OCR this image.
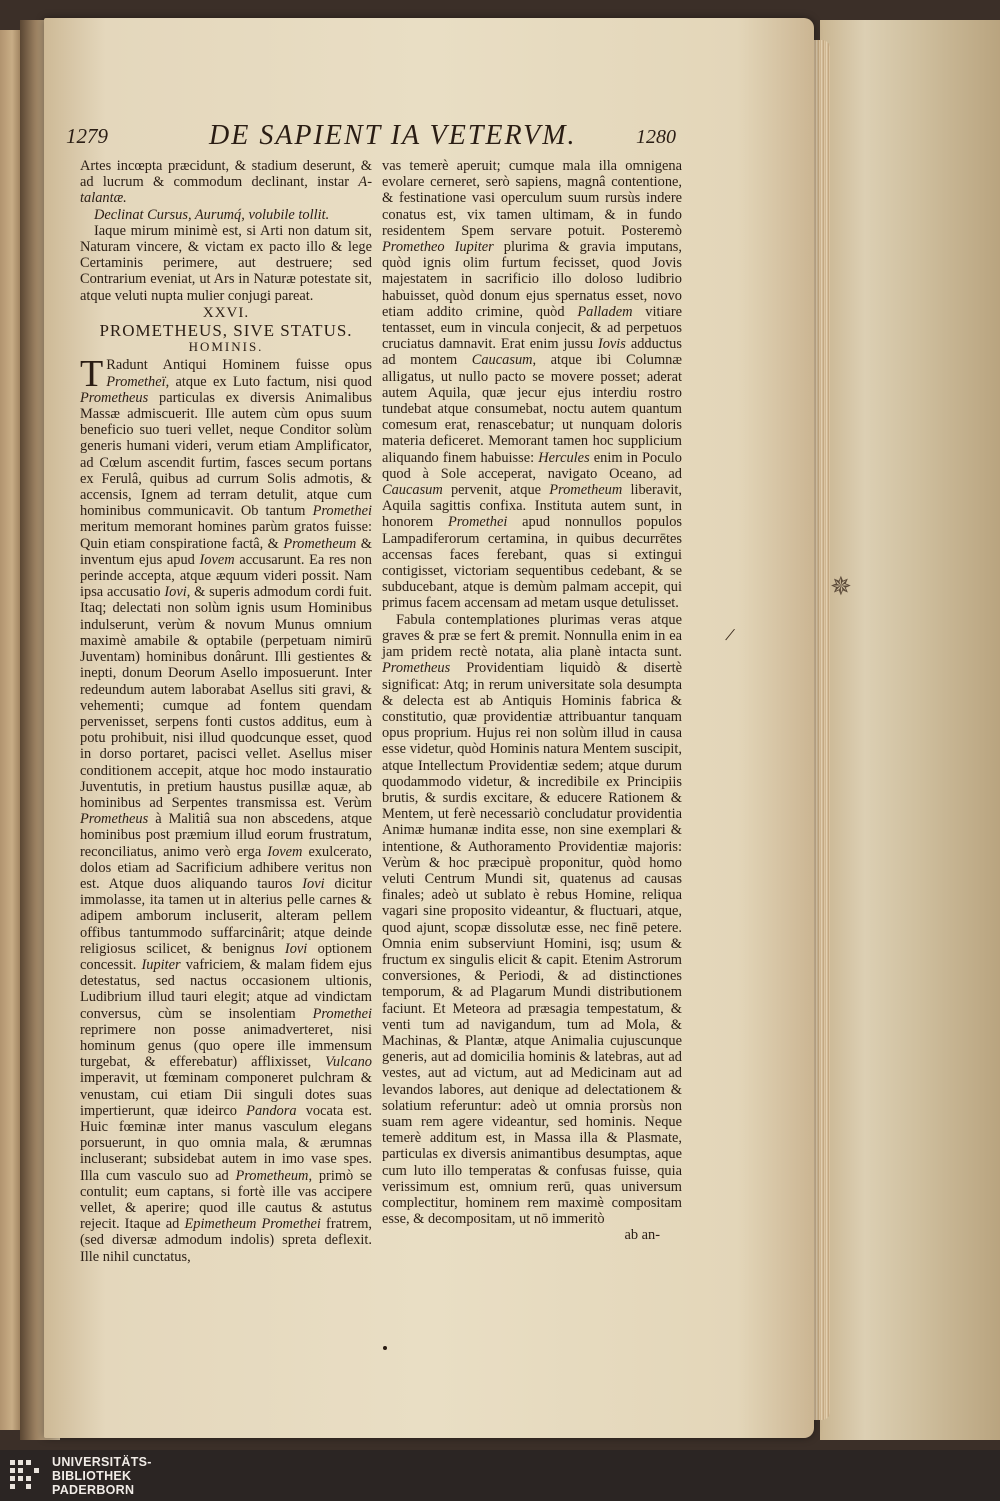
✵
1279	DE SAPIENT IA VETERVM.	1280

Artes incœpta præcidunt, & stadium deserunt, & ad lucrum & commodum declinant, instar A- talantæ.

Declinat Cursus, Aurumq́, volubile tollit.

Iaque mirum minimè est, si Arti non datum sit, Naturam vincere, & victam ex pacto illo & lege Certaminis perimere, aut destruere; sed Contrarium eveniat, ut Ars in Naturæ potestate sit, atque veluti nupta mulier conjugi pareat.

XXVI.
PROMETHEUS, SIVE STATUS.
HOMINIS.

T Radunt Antiqui Hominem fuisse opus Prometheï, atque ex Luto factum, nisi quod Prometheus particulas ex diversis Animalibus Massæ admiscuerit. Ille autem cùm opus suum beneficio suo tueri vellet, neque Conditor solùm generis humani videri, verum etiam Amplificator, ad Cœlum ascendit furtim, fasces secum portans ex Ferulâ, quibus ad currum Solis admotis, & accensis, Ignem ad terram detulit, atque cum hominibus communicavit. Ob tantum Promethei meritum memorant homines parùm gratos fuisse: Quin etiam conspiratione factâ, & Prometheum & inventum ejus apud Iovem accusarunt. Ea res non perinde accepta, atque æquum videri possit. Nam ipsa accusatio Iovi, & superis admodum cordi fuit. Itaq; delectati non solùm ignis usum Hominibus indulserunt, verùm & novum Munus omnium maximè amabile & optabile (perpetuam nimirū Juventam) hominibus donârunt. Illi gestientes & inepti, donum Deorum Asello imposuerunt. Inter redeundum autem laborabat Asellus siti gravi, & vehementi; cumque ad fontem quendam pervenisset, serpens fonti custos additus, eum à potu prohibuit, nisi illud quodcunque esset, quod in dorso portaret, pacisci vellet. Asellus miser conditionem accepit, atque hoc modo instauratio Juventutis, in pretium haustus pusillæ aquæ, ab hominibus ad Serpentes transmissa est. Verùm Prometheus à Malitiâ sua non abscedens, atque hominibus post præmium illud eorum frustratum, reconciliatus, animo verò erga Iovem exulcerato, dolos etiam ad Sacrificium adhibere veritus non est. Atque duos aliquando tauros Iovi dicitur immolasse, ita tamen ut in alterius pelle carnes & adipem amborum incluserit, alteram pellem offibus tantummodo suffarcinârit; atque deinde religiosus scilicet, & benignus Iovi optionem concessit. Iupiter vafriciem, & malam fidem ejus detestatus, sed nactus occasionem ultionis, Ludibrium illud tauri elegit; atque ad vindictam conversus, cùm se insolentiam Promethei reprimere non posse animadverteret, nisi hominum genus (quo opere ille immensum turgebat, & efferebatur) afflixisset, Vulcano imperavit, ut fœminam componeret pulchram & venustam, cui etiam Dii singuli dotes suas impertierunt, quæ ideirco Pandora vocata est. Huic fœminæ inter manus vasculum elegans porsuerunt, in quo omnia mala, & ærumnas incluserant; subsidebat autem in imo vase spes. Illa cum vasculo suo ad Prometheum, primò se contulit; eum captans, si fortè ille vas accipere vellet, & aperire; quod ille cautus & astutus rejecit. Itaque ad Epimetheum Promethei fratrem, (sed diversæ admodum indolis) spreta deflexit. Ille nihil cunctatus,

vas temerè aperuit; cumque mala illa omnigena evolare cerneret, serò sapiens, magnâ contentione, & festinatione vasi operculum suum rursùs indere conatus est, vix tamen ultimam, & in fundo residentem Spem servare potuit. Posteremò Prometheo Iupiter plurima & gravia imputans, quòd ignis olim furtum fecisset, quod Jovis majestatem in sacrificio illo doloso ludibrio habuisset, quòd donum ejus spernatus esset, novo etiam addito crimine, quòd Palladem vitiare tentasset, eum in vincula conjecit, & ad perpetuos cruciatus damnavit. Erat enim jussu Iovis adductus ad montem Caucasum, atque ibi Columnæ alligatus, ut nullo pacto se movere posset; aderat autem Aquila, quæ jecur ejus interdiu rostro tundebat atque consumebat, noctu autem quantum comesum erat, renascebatur; ut nunquam doloris materia deficeret. Memorant tamen hoc supplicium aliquando finem habuisse: Hercules enim in Poculo quod à Sole acceperat, navigato Oceano, ad Caucasum pervenit, atque Prometheum liberavit, Aquila sagittis confixa. Instituta autem sunt, in honorem Promethei apud nonnullos populos Lampadiferorum certamina, in quibus decurrētes accensas faces ferebant, quas si extingui contigisset, victoriam sequentibus cedebant, & se subducebant, atque is demùm palmam accepit, qui primus facem accensam ad metam usque detulisset.

Fabula contemplationes plurimas veras atque graves & præ se fert & premit. Nonnulla enim in ea jam pridem rectè notata, alia planè intacta sunt. Prometheus Providentiam liquidò & disertè significat: Atq; in rerum universitate sola desumpta & delecta est ab Antiquis Hominis fabrica & constitutio, quæ providentiæ attribuantur tanquam opus proprium. Hujus rei non solùm illud in causa esse videtur, quòd Hominis natura Mentem suscipit, atque Intellectum Providentiæ sedem; atque durum quodammodo videtur, & incredibile ex Principiis brutis, & surdis excitare, & educere Rationem & Mentem, ut ferè necessariò concludatur providentia Animæ humanæ indita esse, non sine exemplari & intentione, & Authoramento Providentiæ majoris: Verùm & hoc præcipuè proponitur, quòd homo veluti Centrum Mundi sit, quatenus ad causas finales; adeò ut sublato è rebus Homine, reliqua vagari sine proposito videantur, & fluctuari, atque, quod ajunt, scopæ dissolutæ esse, nec finē petere. Omnia enim subserviunt Homini, isq; usum & fructum ex singulis elicit & capit. Etenim Astrorum conversiones, & Periodi, & ad distinctiones temporum, & ad Plagarum Mundi distributionem faciunt. Et Meteora ad præsagia tempestatum, & venti tum ad navigandum, tum ad Mola, & Machinas, & Plantæ, atque Animalia cujuscunque generis, aut ad domicilia hominis & latebras, aut ad vestes, aut ad victum, aut ad Medicinam aut ad levandos labores, aut denique ad delectationem & solatium referuntur: adeò ut omnia prorsùs non suam rem agere videantur, sed hominis. Neque temerè additum est, in Massa illa & Plasmate, particulas ex diversis animantibus desumptas, aque cum luto illo temperatas & confusas fuisse, quia verissimum est, omnium rerū, quas universum complectitur, hominem rem maximè compositam esse, & decompositam, ut nō immeritò

ab an-

/
UNIVERSITÄTS-
BIBLIOTHEK
PADERBORN
